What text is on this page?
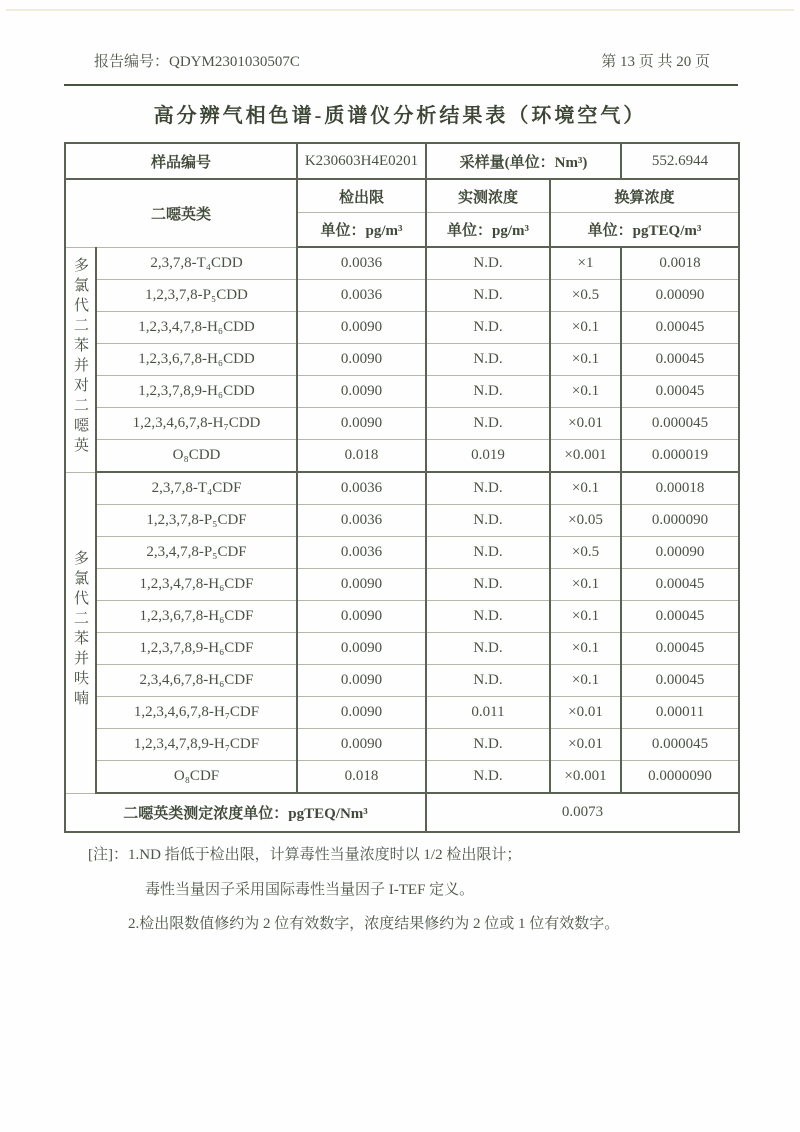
报告编号：QDYM2301030507C	第 13 页 共 20 页
高分辨气相色谱-质谱仪分析结果表（环境空气）
样品编号		K230603H4E0201	采样量(单位：Nm³)		552.6944
二噁英类		检出限	实测浓度	换算浓度	
		单位：pg/m³	单位：pg/m³	单位：pgTEQ/m³	
多氯代二苯并对二噁英	2,3,7,8-T₄CDD	0.0036	N.D.	×1	0.0018
	1,2,3,7,8-P₅CDD	0.0036	N.D.	×0.5	0.00090
	1,2,3,4,7,8-H₆CDD	0.0090	N.D.	×0.1	0.00045
	1,2,3,6,7,8-H₆CDD	0.0090	N.D.	×0.1	0.00045
	1,2,3,7,8,9-H₆CDD	0.0090	N.D.	×0.1	0.00045
	1,2,3,4,6,7,8-H₇CDD	0.0090	N.D.	×0.01	0.000045
	O₈CDD	0.018	0.019	×0.001	0.000019
多氯代二苯并呋喃	2,3,7,8-T₄CDF	0.0036	N.D.	×0.1	0.00018
	1,2,3,7,8-P₅CDF	0.0036	N.D.	×0.05	0.000090
	2,3,4,7,8-P₅CDF	0.0036	N.D.	×0.5	0.00090
	1,2,3,4,7,8-H₆CDF	0.0090	N.D.	×0.1	0.00045
	1,2,3,6,7,8-H₆CDF	0.0090	N.D.	×0.1	0.00045
	1,2,3,7,8,9-H₆CDF	0.0090	N.D.	×0.1	0.00045
	2,3,4,6,7,8-H₆CDF	0.0090	N.D.	×0.1	0.00045
	1,2,3,4,6,7,8-H₇CDF	0.0090	0.011	×0.01	0.00011
	1,2,3,4,7,8,9-H₇CDF	0.0090	N.D.	×0.01	0.000045
	O₈CDF	0.018	N.D.	×0.001	0.0000090
二噁英类测定浓度单位：pgTEQ/Nm³			0.0073		

[注]：1.ND 指低于检出限，计算毒性当量浓度时以 1/2 检出限计；

毒性当量因子采用国际毒性当量因子 I-TEF 定义。

2.检出限数值修约为 2 位有效数字，浓度结果修约为 2 位或 1 位有效数字。
